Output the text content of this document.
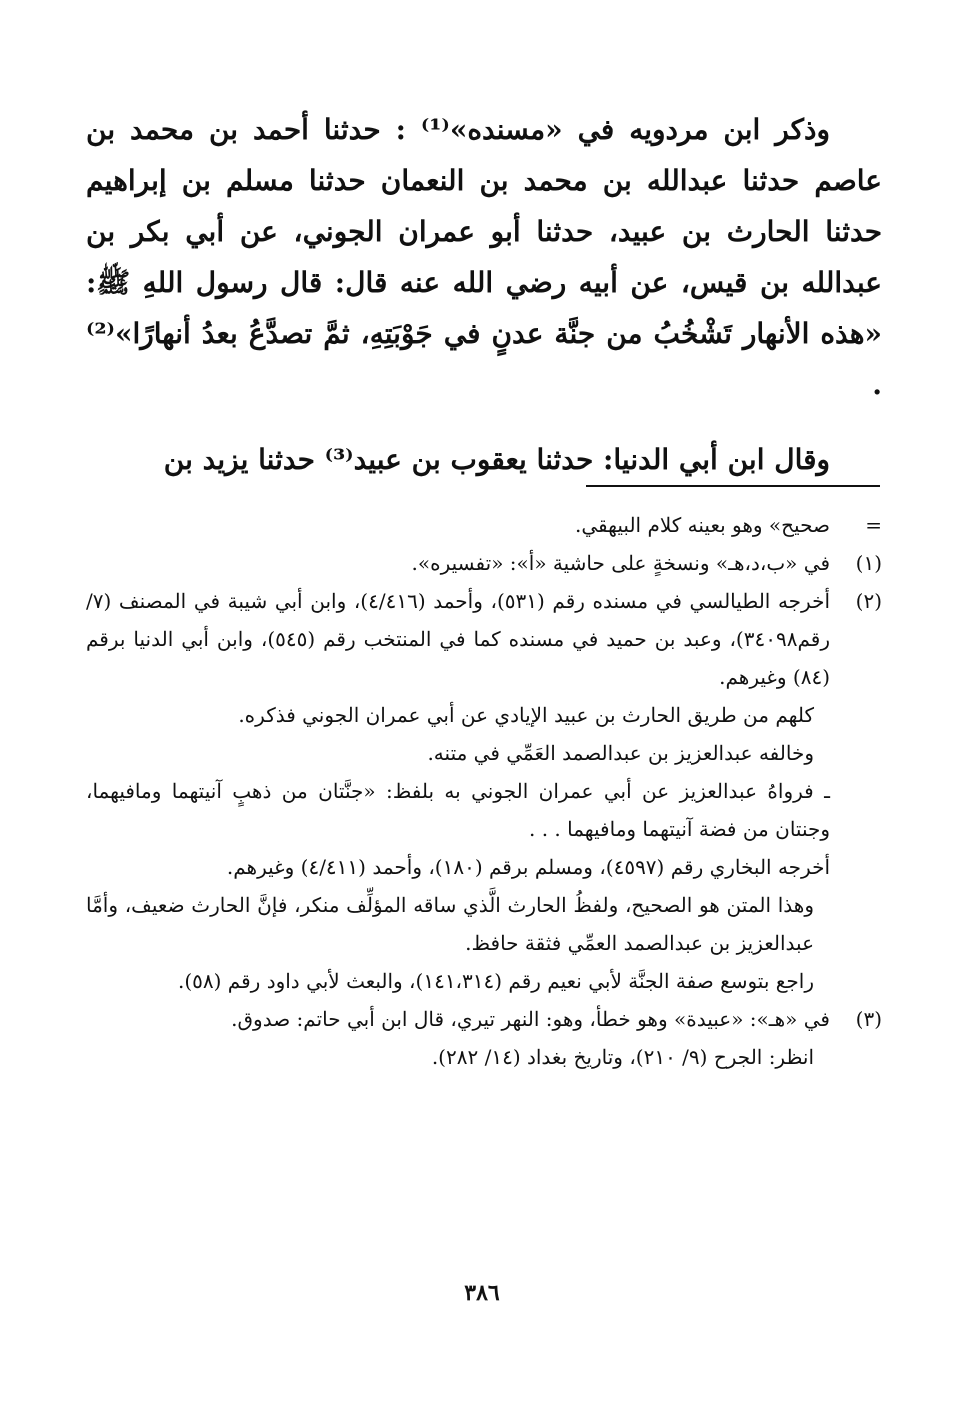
وذكر ابن مردويه في «مسنده»⁽¹⁾ : حدثنا أحمد بن محمد بن عاصم حدثنا عبدالله بن محمد بن النعمان حدثنا مسلم بن إبراهيم حدثنا الحارث بن عبيد، حدثنا أبو عمران الجوني، عن أبي بكر بن عبدالله بن قيس، عن أبيه رضي الله عنه قال: قال رسول اللهِ ﷺ: «هذه الأنهار تَشْخُبُ من جنَّة عدنٍ في جَوْبَتِهِ، ثمَّ تصدَّعُ بعدُ أنهارًا»⁽²⁾ .

وقال ابن أبي الدنيا: حدثنا يعقوب بن عبيد⁽³⁾ حدثنا يزيد بن

=

صحيح» وهو بعينه كلام البيهقي.

(١)

في «ب،د،هـ» ونسخةٍ على حاشية «أ»: «تفسيره».

(٢)

أخرجه الطيالسي في مسنده رقم (٥٣١)، وأحمد (٤/٤١٦)، وابن أبي شيبة في المصنف (٧/رقم٣٤٠٩٨)، وعبد بن حميد في مسنده كما في المنتخب رقم (٥٤٥)، وابن أبي الدنيا برقم (٨٤) وغيرهم.

كلهم من طريق الحارث بن عبيد الإيادي عن أبي عمران الجوني فذكره.

وخالفه عبدالعزيز بن عبدالصمد العَمِّي في متنه.

ـ فرواهُ عبدالعزيز عن أبي عمران الجوني به بلفظ: «جنَّتان من ذهبٍ آنيتهما ومافيهما، وجنتان من فضة آنيتهما ومافيهما . . .

أخرجه البخاري رقم (٤٥٩٧)، ومسلم برقم (١٨٠)، وأحمد (٤/٤١١) وغيرهم.

وهذا المتن هو الصحيح، ولفظُ الحارث الَّذي ساقه المؤلِّف منكر، فإنَّ الحارث ضعيف، وأمَّا عبدالعزيز بن عبدالصمد العمِّي فثقة حافظ.

راجع بتوسع صفة الجنَّة لأبي نعيم رقم (١٤١،٣١٤)، والبعث لأبي داود رقم (٥٨).

(٣)

في «هـ»: «عبيدة» وهو خطأ، وهو: النهر تيري، قال ابن أبي حاتم: صدوق.

انظر: الجرح (٩/ ٢١٠)، وتاريخ بغداد (١٤/ ٢٨٢).

٣٨٦
